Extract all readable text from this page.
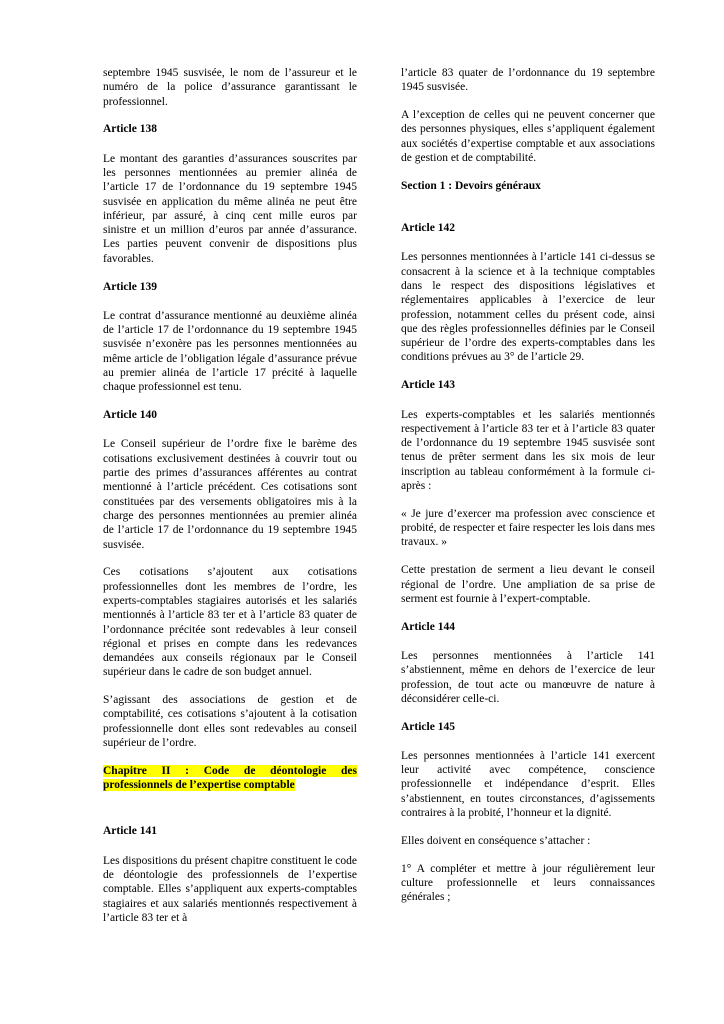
septembre 1945 susvisée, le nom de l’assureur et le numéro de la police d’assurance garantissant le professionnel.

Article 138

Le montant des garanties d’assurances souscrites par les personnes mentionnées au premier alinéa de l’article 17 de l’ordonnance du 19 septembre 1945 susvisée en application du même alinéa ne peut être inférieur, par assuré, à cinq cent mille euros par sinistre et un million d’euros par année d’assurance. Les parties peuvent convenir de dispositions plus favorables.

Article 139

Le contrat d’assurance mentionné au deuxième alinéa de l’article 17 de l’ordonnance du 19 septembre 1945 susvisée n’exonère pas les personnes mentionnées au même article de l’obligation légale d’assurance prévue au premier alinéa de l’article 17 précité à laquelle chaque professionnel est tenu.

Article 140

Le Conseil supérieur de l’ordre fixe le barème des cotisations exclusivement destinées à couvrir tout ou partie des primes d’assurances afférentes au contrat mentionné à l’article précédent. Ces cotisations sont constituées par des versements obligatoires mis à la charge des personnes mentionnées au premier alinéa de l’article 17 de l’ordonnance du 19 septembre 1945 susvisée.

Ces cotisations s’ajoutent aux cotisations professionnelles dont les membres de l’ordre, les experts-comptables stagiaires autorisés et les salariés mentionnés à l’article 83 ter et à l’article 83 quater de l’ordonnance précitée sont redevables à leur conseil régional et prises en compte dans les redevances demandées aux conseils régionaux par le Conseil supérieur dans le cadre de son budget annuel.

S’agissant des associations de gestion et de comptabilité, ces cotisations s’ajoutent à la cotisation professionnelle dont elles sont redevables au conseil supérieur de l’ordre.

Chapitre II : Code de déontologie des professionnels de l’expertise comptable

Article 141

Les dispositions du présent chapitre constituent le code de déontologie des professionnels de l’expertise comptable. Elles s’appliquent aux experts-comptables stagiaires et aux salariés mentionnés respectivement à l’article 83 ter et à

l’article 83 quater de l’ordonnance du 19 septembre 1945 susvisée.

A l’exception de celles qui ne peuvent concerner que des personnes physiques, elles s’appliquent également aux sociétés d’expertise comptable et aux associations de gestion et de comptabilité.

Section 1 : Devoirs généraux

Article 142

Les personnes mentionnées à l’article 141 ci-dessus se consacrent à la science et à la technique comptables dans le respect des dispositions législatives et réglementaires applicables à l’exercice de leur profession, notamment celles du présent code, ainsi que des règles professionnelles définies par le Conseil supérieur de l’ordre des experts-comptables dans les conditions prévues au 3° de l’article 29.

Article 143

Les experts-comptables et les salariés mentionnés respectivement à l’article 83 ter et à l’article 83 quater de l’ordonnance du 19 septembre 1945 susvisée sont tenus de prêter serment dans les six mois de leur inscription au tableau conformément à la formule ci-après :

« Je jure d’exercer ma profession avec conscience et probité, de respecter et faire respecter les lois dans mes travaux. »

Cette prestation de serment a lieu devant le conseil régional de l’ordre. Une ampliation de sa prise de serment est fournie à l’expert-comptable.

Article 144

Les personnes mentionnées à l’article 141 s’abstiennent, même en dehors de l’exercice de leur profession, de tout acte ou manœuvre de nature à déconsidérer celle-ci.

Article 145

Les personnes mentionnées à l’article 141 exercent leur activité avec compétence, conscience professionnelle et indépendance d’esprit. Elles s’abstiennent, en toutes circonstances, d’agissements contraires à la probité, l’honneur et la dignité.

Elles doivent en conséquence s’attacher :

1° A compléter et mettre à jour régulièrement leur culture professionnelle et leurs connaissances générales ;
